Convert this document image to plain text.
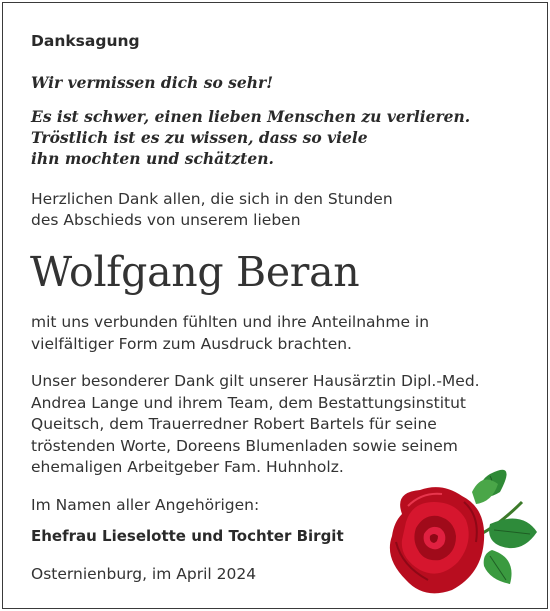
Danksagung
Wir vermissen dich so sehr!
Es ist schwer, einen lieben Menschen zu verlieren.
Tröstlich ist es zu wissen, dass so viele
ihn mochten und schätzten.
Herzlichen Dank allen, die sich in den Stunden
des Abschieds von unserem lieben
Wolfgang Beran
mit uns verbunden fühlten und ihre Anteilnahme in
vielfältiger Form zum Ausdruck brachten.
Unser besonderer Dank gilt unserer Hausärztin Dipl.-Med.
Andrea Lange und ihrem Team, dem Bestattungsinstitut
Queitsch, dem Trauerredner Robert Bartels für seine
tröstenden Worte, Doreens Blumenladen sowie seinem
ehemaligen Arbeitgeber Fam. Huhnholz.
Im Namen aller Angehörigen:
Ehefrau Lieselotte und Tochter Birgit
Osternienburg, im April 2024
